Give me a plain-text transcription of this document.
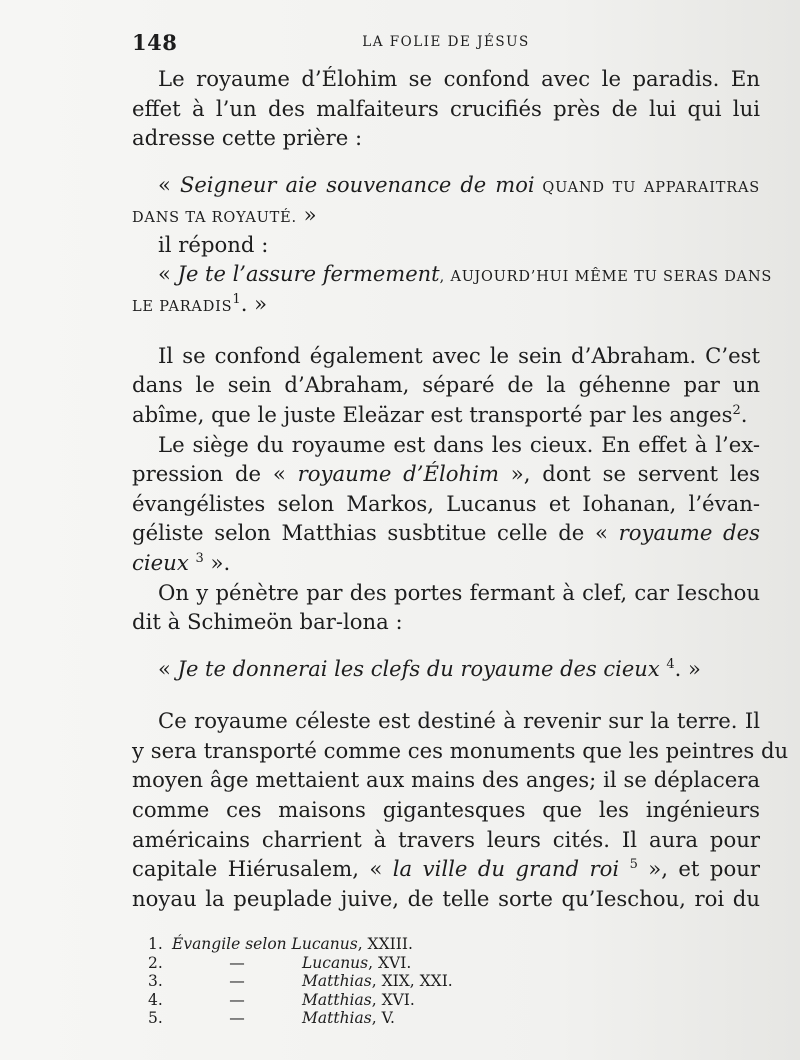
148	LA FOLIE DE JÉSUS
Le royaume d’Élohim se confond avec le paradis. En
effet à l’un des malfaiteurs crucifiés près de lui qui lui
adresse cette prière :
« Seigneur aie souvenance de moi QUAND TU APPARAITRAS
DANS TA ROYAUTÉ. »
il répond :
« Je te l’assure fermement, AUJOURD’HUI MÊME TU SERAS DANS
LE PARADIS$^1$. »
Il se confond également avec le sein d’Abraham. C’est
dans le sein d’Abraham, séparé de la géhenne par un
abîme, que le juste Eleäzar est transporté par les anges$^2$.
Le siège du royaume est dans les cieux. En effet à l’ex-
pression de « royaume d’Élohim », dont se servent les
évangélistes selon Markos, Lucanus et Iohanan, l’évan-
géliste selon Matthias susbtitue celle de « royaume des
cieux $^3$ ».
On y pénètre par des portes fermant à clef, car Ieschou
dit à Schimeön bar-lona :
« Je te donnerai les clefs du royaume des cieux $^4$. »
Ce royaume céleste est destiné à revenir sur la terre. Il
y sera transporté comme ces monuments que les peintres du
moyen âge mettaient aux mains des anges; il se déplacera
comme ces maisons gigantesques que les ingénieurs
américains charrient à travers leurs cités. Il aura pour
capitale Hiérusalem, « la ville du grand roi $^5$ », et pour
noyau la peuplade juive, de telle sorte qu’Ieschou, roi du
1. Évangile selon Lucanus , XXIII.
2.	—	Lucanus , XVI.
3.	—	Matthias , XIX, XXI.
4.	—	Matthias , XVI.
5.	—	Matthias , V.
